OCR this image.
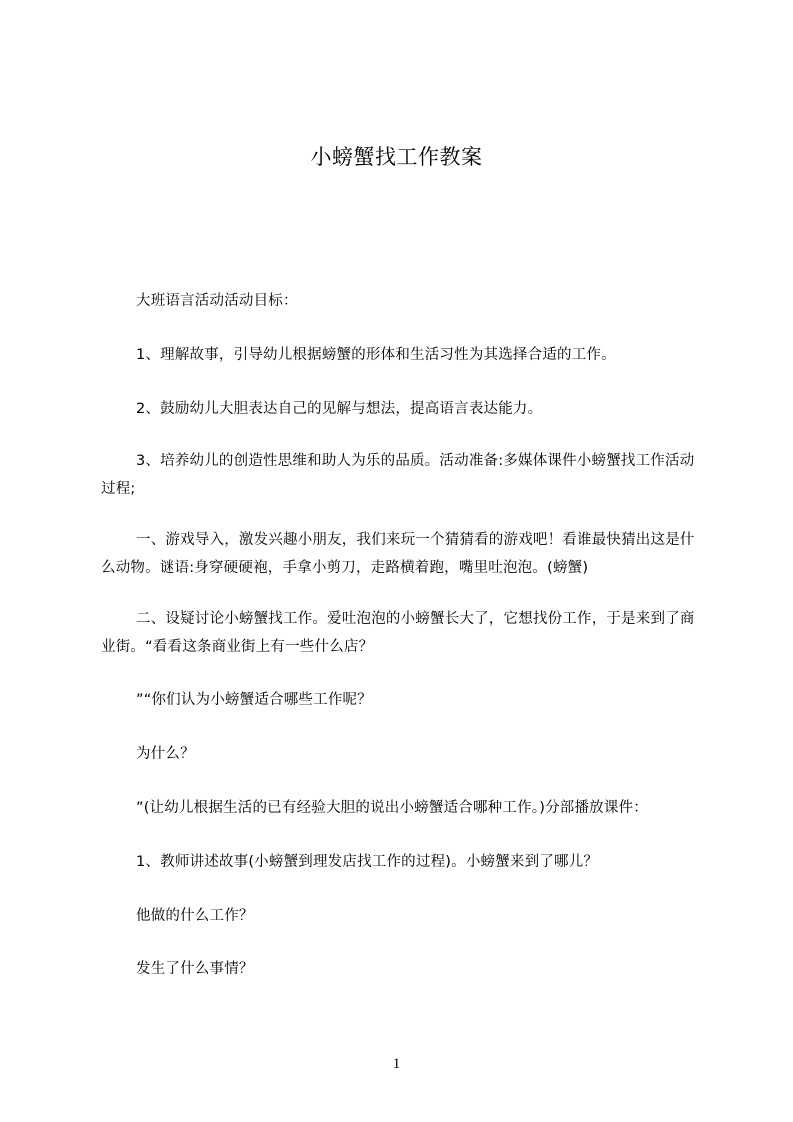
小螃蟹找工作教案
大班语言活动活动目标：
1、理解故事，引导幼儿根据螃蟹的形体和生活习性为其选择合适的工作。
2、鼓励幼儿大胆表达自己的见解与想法，提高语言表达能力。
3、培养幼儿的创造性思维和助人为乐的品质。活动准备:多媒体课件小螃蟹找工作活动过程;
一、游戏导入，激发兴趣小朋友，我们来玩一个猜猜看的游戏吧！看谁最快猜出这是什么动物。谜语:身穿硬硬袍，手拿小剪刀，走路横着跑，嘴里吐泡泡。(螃蟹)
二、设疑讨论小螃蟹找工作。爱吐泡泡的小螃蟹长大了，它想找份工作，于是来到了商业街。“看看这条商业街上有一些什么店？
”“你们认为小螃蟹适合哪些工作呢？
为什么？
”(让幼儿根据生活的已有经验大胆的说出小螃蟹适合哪种工作。)分部播放课件：
1、教师讲述故事(小螃蟹到理发店找工作的过程)。小螃蟹来到了哪儿？
他做的什么工作？
发生了什么事情？
1
